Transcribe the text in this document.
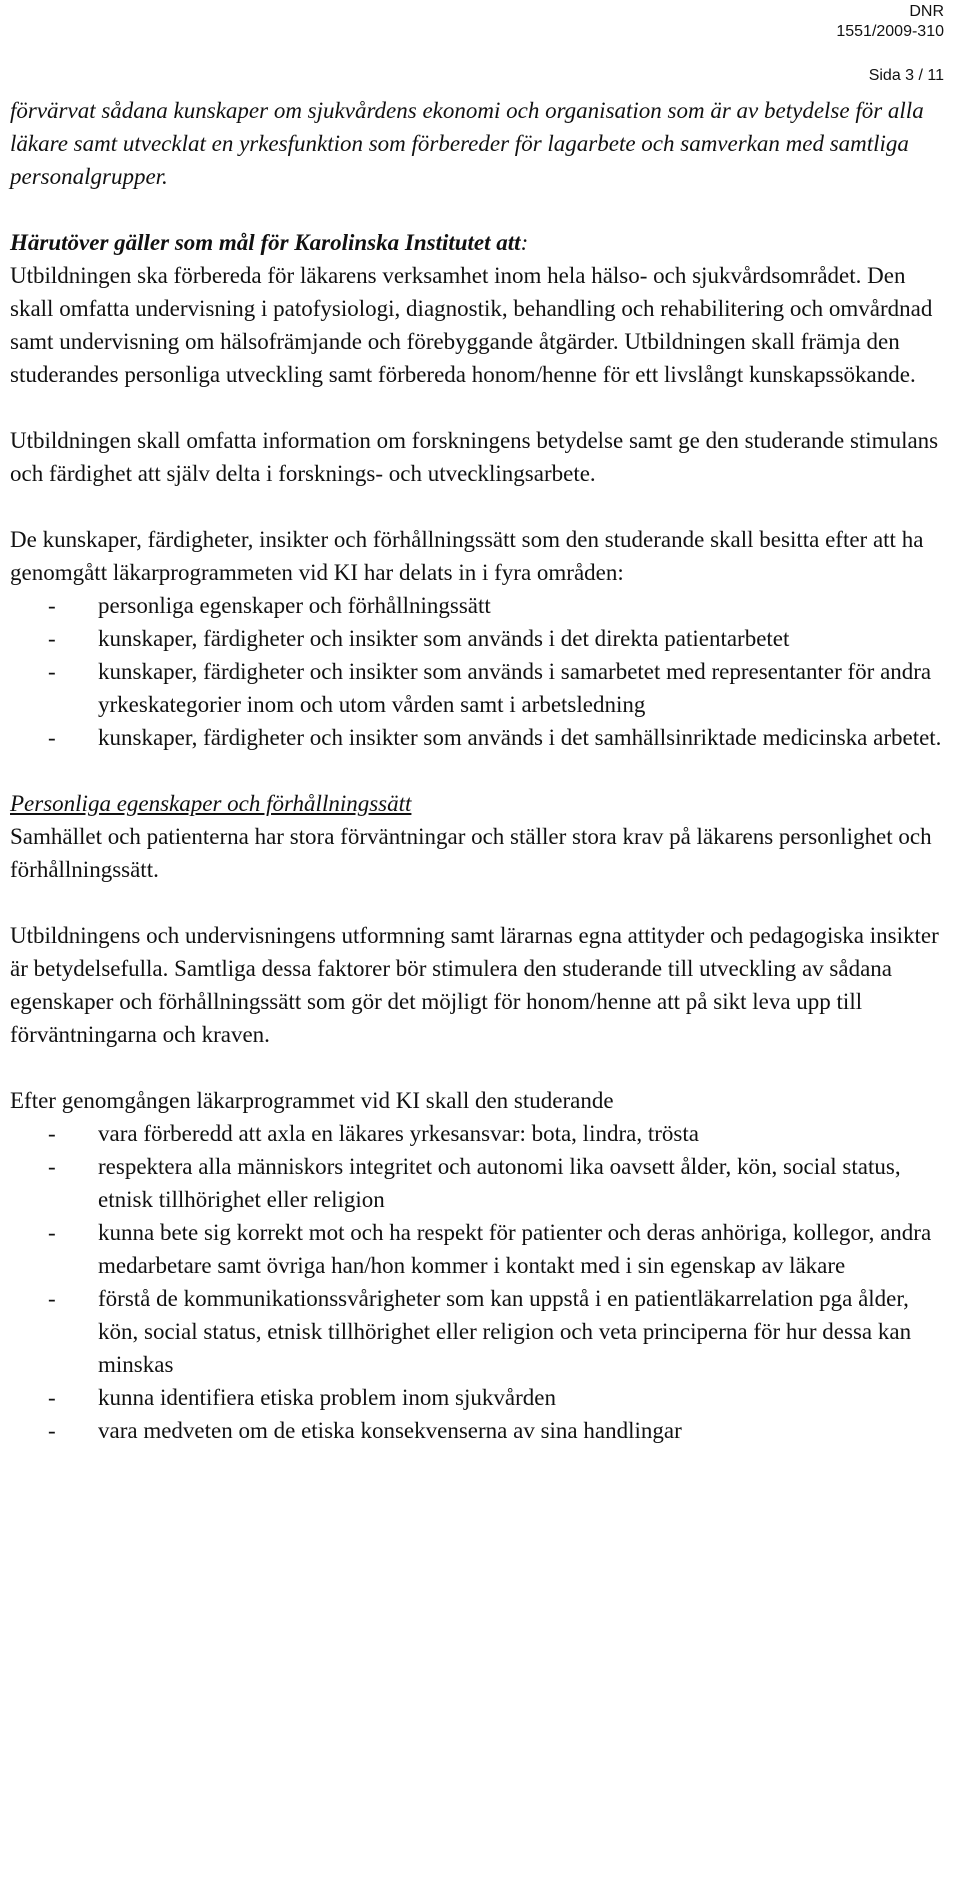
DNR
1551/2009-310
Sida 3 / 11

förvärvat sådana kunskaper om sjukvårdens ekonomi och organisation som är av betydelse för alla läkare samt utvecklat en yrkesfunktion som förbereder för lagarbete och samverkan med samtliga personalgrupper.

Härutöver gäller som mål för Karolinska Institutet att:

Utbildningen ska förbereda för läkarens verksamhet inom hela hälso- och sjukvårdsområdet. Den skall omfatta undervisning i patofysiologi, diagnostik, behandling och rehabilitering och omvårdnad samt undervisning om hälsofrämjande och förebyggande åtgärder. Utbildningen skall främja den studerandes personliga utveckling samt förbereda honom/henne för ett livslångt kunskapssökande.

Utbildningen skall omfatta information om forskningens betydelse samt ge den studerande stimulans och färdighet att själv delta i forsknings- och utvecklingsarbete.

De kunskaper, färdigheter, insikter och förhållningssätt som den studerande skall besitta efter att ha genomgått läkarprogrammeten vid KI har delats in i fyra områden:

- personliga egenskaper och förhållningssätt
- kunskaper, färdigheter och insikter som används i det direkta patientarbetet
- kunskaper, färdigheter och insikter som används i samarbetet med representanter för andra yrkeskategorier inom och utom vården samt i arbetsledning
- kunskaper, färdigheter och insikter som används i det samhällsinriktade medicinska arbetet.

Personliga egenskaper och förhållningssätt

Samhället och patienterna har stora förväntningar och ställer stora krav på läkarens personlighet och förhållningssätt.

Utbildningens och undervisningens utformning samt lärarnas egna attityder och pedagogiska insikter är betydelsefulla. Samtliga dessa faktorer bör stimulera den studerande till utveckling av sådana egenskaper och förhållningssätt som gör det möjligt för honom/henne att på sikt leva upp till förväntningarna och kraven.

Efter genomgången läkarprogrammet vid KI skall den studerande

- vara förberedd att axla en läkares yrkesansvar: bota, lindra, trösta
- respektera alla människors integritet och autonomi lika oavsett ålder, kön, social status, etnisk tillhörighet eller religion
- kunna bete sig korrekt mot och ha respekt för patienter och deras anhöriga, kollegor, andra medarbetare samt övriga han/hon kommer i kontakt med i sin egenskap av läkare
- förstå de kommunikationssvårigheter som kan uppstå i en patientläkarrelation pga ålder, kön, social status, etnisk tillhörighet eller religion och veta principerna för hur dessa kan minskas
- kunna identifiera etiska problem inom sjukvården
- vara medveten om de etiska konsekvenserna av sina handlingar
